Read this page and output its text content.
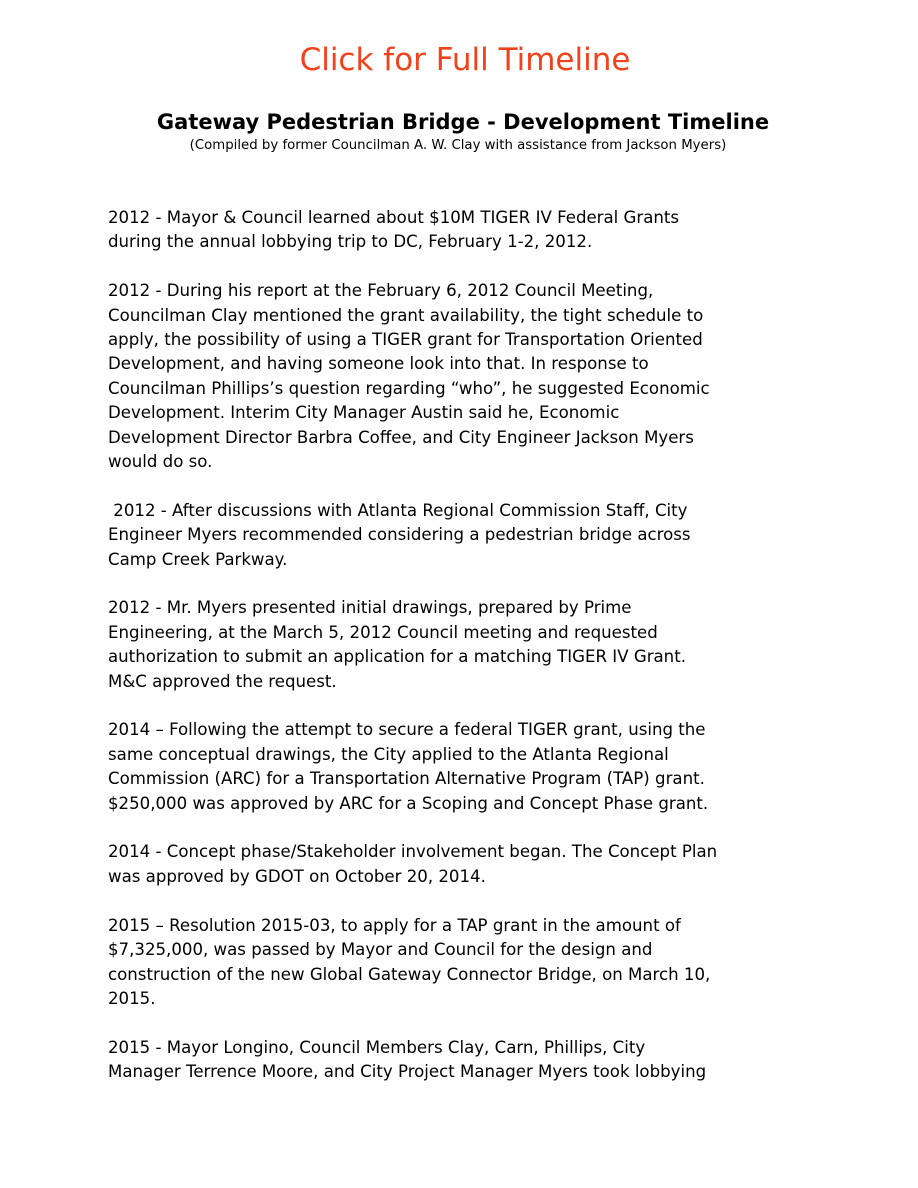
Click for Full Timeline
Gateway Pedestrian Bridge - Development Timeline
(Compiled by former Councilman A. W. Clay with assistance from Jackson Myers)
2012 - Mayor & Council learned about $10M TIGER IV Federal Grants
during the annual lobbying trip to DC, February 1-2, 2012.
2012 - During his report at the February 6, 2012 Council Meeting,
Councilman Clay mentioned the grant availability, the tight schedule to
apply, the possibility of using a TIGER grant for Transportation Oriented
Development, and having someone look into that. In response to
Councilman Phillips’s question regarding “who”, he suggested Economic
Development. Interim City Manager Austin said he, Economic
Development Director Barbra Coffee, and City Engineer Jackson Myers
would do so.
2012 - After discussions with Atlanta Regional Commission Staff, City
Engineer Myers recommended considering a pedestrian bridge across
Camp Creek Parkway.
2012 - Mr. Myers presented initial drawings, prepared by Prime
Engineering, at the March 5, 2012 Council meeting and requested
authorization to submit an application for a matching TIGER IV Grant.
M&C approved the request.
2014 – Following the attempt to secure a federal TIGER grant, using the
same conceptual drawings, the City applied to the Atlanta Regional
Commission (ARC) for a Transportation Alternative Program (TAP) grant.
$250,000 was approved by ARC for a Scoping and Concept Phase grant.
2014 - Concept phase/Stakeholder involvement began. The Concept Plan
was approved by GDOT on October 20, 2014.
2015 – Resolution 2015-03, to apply for a TAP grant in the amount of
$7,325,000, was passed by Mayor and Council for the design and
construction of the new Global Gateway Connector Bridge, on March 10,
2015.
2015 - Mayor Longino, Council Members Clay, Carn, Phillips, City
Manager Terrence Moore, and City Project Manager Myers took lobbying
